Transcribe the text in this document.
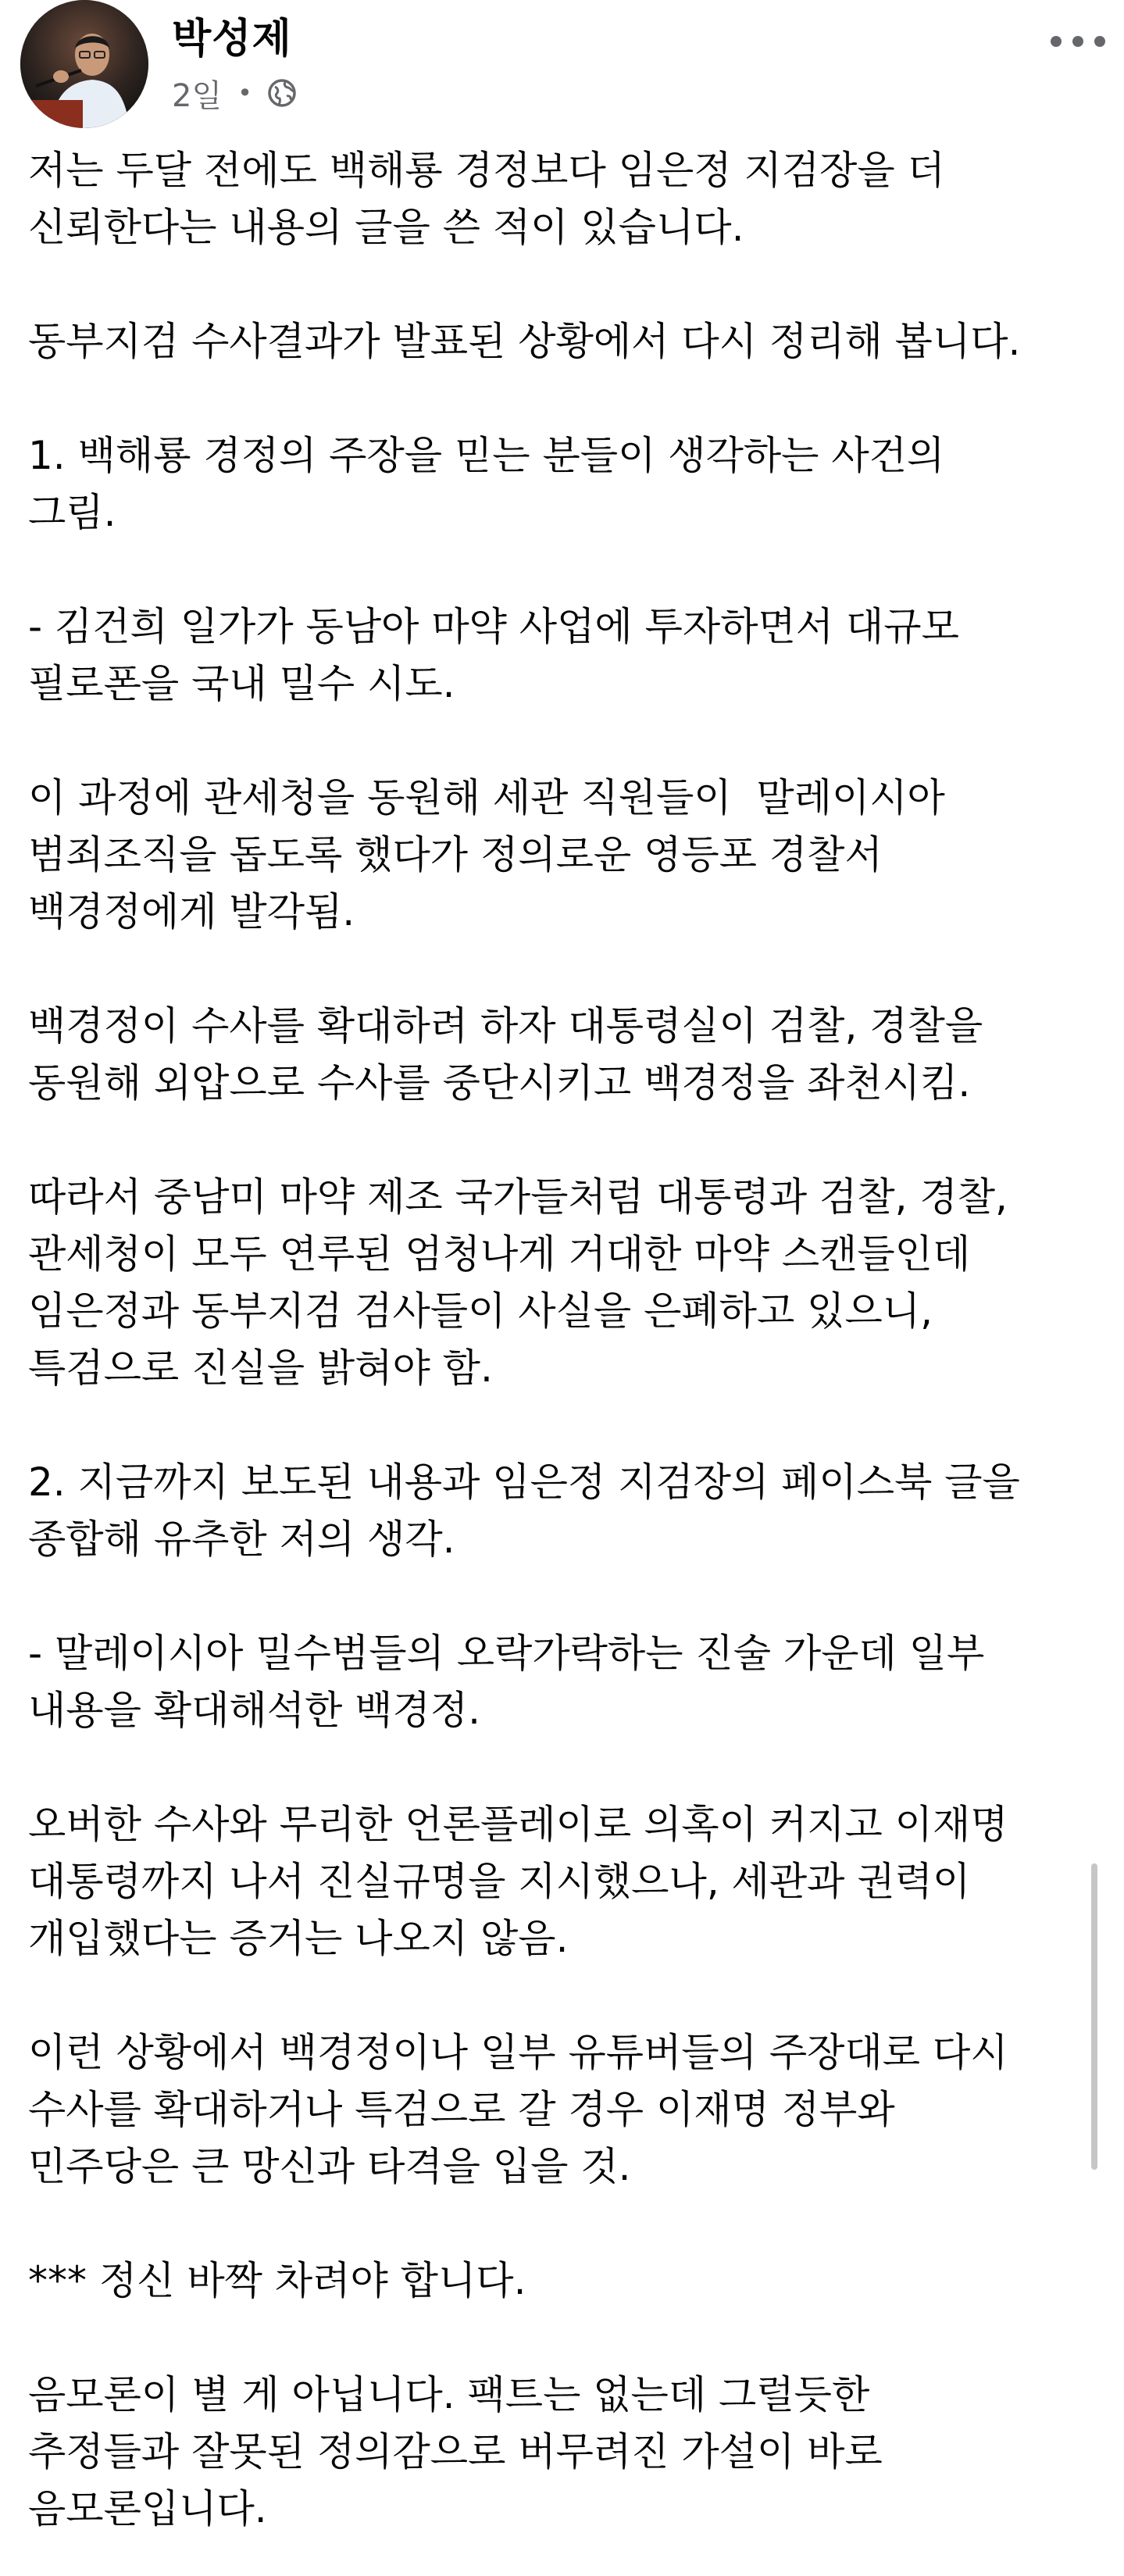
박성제
2일 •

저는 두달 전에도 백해룡 경정보다 임은정 지검장을 더
신뢰한다는 내용의 글을 쓴 적이 있습니다.

동부지검 수사결과가 발표된 상황에서 다시 정리해 봅니다.

1. 백해룡 경정의 주장을 믿는 분들이 생각하는 사건의
그림.

- 김건희 일가가 동남아 마약 사업에 투자하면서 대규모
필로폰을 국내 밀수 시도.

이 과정에 관세청을 동원해 세관 직원들이  말레이시아
범죄조직을 돕도록 했다가 정의로운 영등포 경찰서
백경정에게 발각됨.

백경정이 수사를 확대하려 하자 대통령실이 검찰, 경찰을
동원해 외압으로 수사를 중단시키고 백경정을 좌천시킴.

따라서 중남미 마약 제조 국가들처럼 대통령과 검찰, 경찰,
관세청이 모두 연루된 엄청나게 거대한 마약 스캔들인데
임은정과 동부지검 검사들이 사실을 은폐하고 있으니,
특검으로 진실을 밝혀야 함.

2. 지금까지 보도된 내용과 임은정 지검장의 페이스북 글을
종합해 유추한 저의 생각.

- 말레이시아 밀수범들의 오락가락하는 진술 가운데 일부
내용을 확대해석한 백경정.

오버한 수사와 무리한 언론플레이로 의혹이 커지고 이재명
대통령까지 나서 진실규명을 지시했으나, 세관과 권력이
개입했다는 증거는 나오지 않음.

이런 상황에서 백경정이나 일부 유튜버들의 주장대로 다시
수사를 확대하거나 특검으로 갈 경우 이재명 정부와
민주당은 큰 망신과 타격을 입을 것.

*** 정신 바짝 차려야 합니다.

음모론이 별 게 아닙니다. 팩트는 없는데 그럴듯한
추정들과 잘못된 정의감으로 버무려진 가설이 바로
음모론입니다.
